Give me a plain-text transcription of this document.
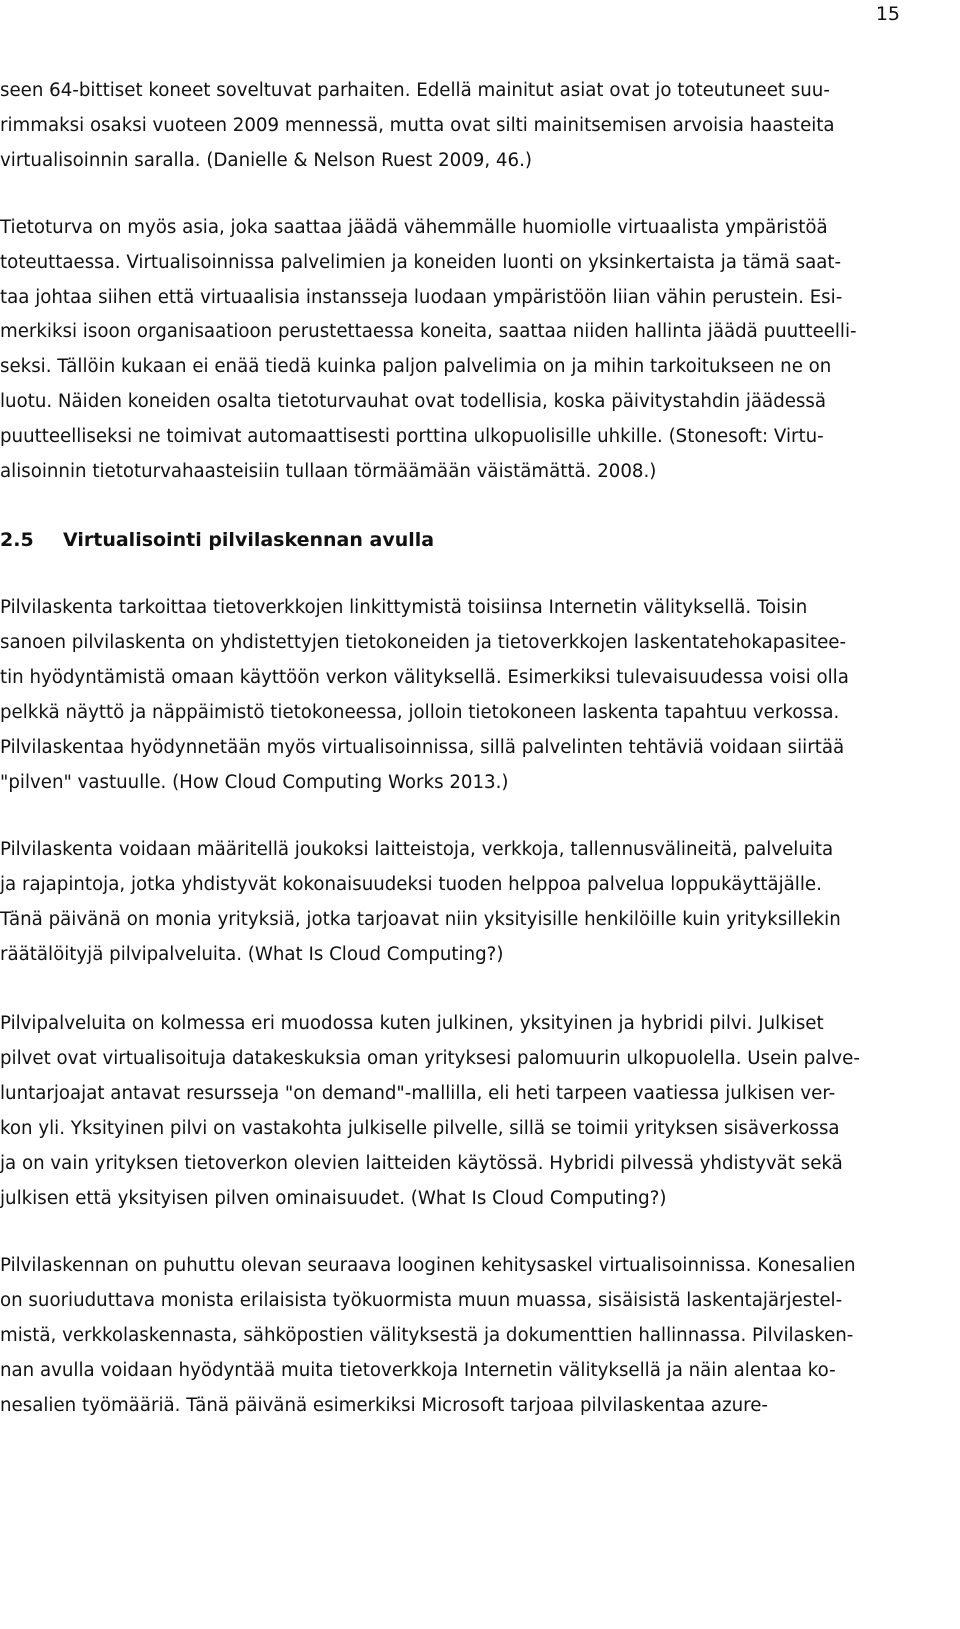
15

seen 64-bittiset koneet soveltuvat parhaiten. Edellä mainitut asiat ovat jo toteutuneet suu-
rimmaksi osaksi vuoteen 2009 mennessä, mutta ovat silti mainitsemisen arvoisia haasteita
virtualisoinnin saralla. (Danielle & Nelson Ruest 2009, 46.)

Tietoturva on myös asia, joka saattaa jäädä vähemmälle huomiolle virtuaalista ympäristöä
toteuttaessa. Virtualisoinnissa palvelimien ja koneiden luonti on yksinkertaista ja tämä saat-
taa johtaa siihen että virtuaalisia instansseja luodaan ympäristöön liian vähin perustein. Esi-
merkiksi isoon organisaatioon perustettaessa koneita, saattaa niiden hallinta jäädä puutteelli-
seksi. Tällöin kukaan ei enää tiedä kuinka paljon palvelimia on ja mihin tarkoitukseen ne on
luotu. Näiden koneiden osalta tietoturvauhat ovat todellisia, koska päivitystahdin jäädessä
puutteelliseksi ne toimivat automaattisesti porttina ulkopuolisille uhkille. (Stonesoft: Virtu-
alisoinnin tietoturvahaasteisiin tullaan törmäämään väistämättä. 2008.)

2.5 Virtualisointi pilvilaskennan avulla

Pilvilaskenta tarkoittaa tietoverkkojen linkittymistä toisiinsa Internetin välityksellä. Toisin
sanoen pilvilaskenta on yhdistettyjen tietokoneiden ja tietoverkkojen laskentatehokapasitee-
tin hyödyntämistä omaan käyttöön verkon välityksellä. Esimerkiksi tulevaisuudessa voisi olla
pelkkä näyttö ja näppäimistö tietokoneessa, jolloin tietokoneen laskenta tapahtuu verkossa.
Pilvilaskentaa hyödynnetään myös virtualisoinnissa, sillä palvelinten tehtäviä voidaan siirtää
"pilven" vastuulle. (How Cloud Computing Works 2013.)

Pilvilaskenta voidaan määritellä joukoksi laitteistoja, verkkoja, tallennusvälineitä, palveluita
ja rajapintoja, jotka yhdistyvät kokonaisuudeksi tuoden helppoa palvelua loppukäyttäjälle.
Tänä päivänä on monia yrityksiä, jotka tarjoavat niin yksityisille henkilöille kuin yrityksillekin
räätälöityjä pilvipalveluita. (What Is Cloud Computing?)

Pilvipalveluita on kolmessa eri muodossa kuten julkinen, yksityinen ja hybridi pilvi. Julkiset
pilvet ovat virtualisoituja datakeskuksia oman yrityksesi palomuurin ulkopuolella. Usein palve-
luntarjoajat antavat resursseja "on demand"-mallilla, eli heti tarpeen vaatiessa julkisen ver-
kon yli. Yksityinen pilvi on vastakohta julkiselle pilvelle, sillä se toimii yrityksen sisäverkossa
ja on vain yrityksen tietoverkon olevien laitteiden käytössä. Hybridi pilvessä yhdistyvät sekä
julkisen että yksityisen pilven ominaisuudet. (What Is Cloud Computing?)

Pilvilaskennan on puhuttu olevan seuraava looginen kehitysaskel virtualisoinnissa. Konesalien
on suoriuduttava monista erilaisista työkuormista muun muassa, sisäisistä laskentajärjestel-
mistä, verkkolaskennasta, sähköpostien välityksestä ja dokumenttien hallinnassa. Pilvilasken-
nan avulla voidaan hyödyntää muita tietoverkkoja Internetin välityksellä ja näin alentaa ko-
nesalien työmääriä. Tänä päivänä esimerkiksi Microsoft tarjoaa pilvilaskentaa azure-
